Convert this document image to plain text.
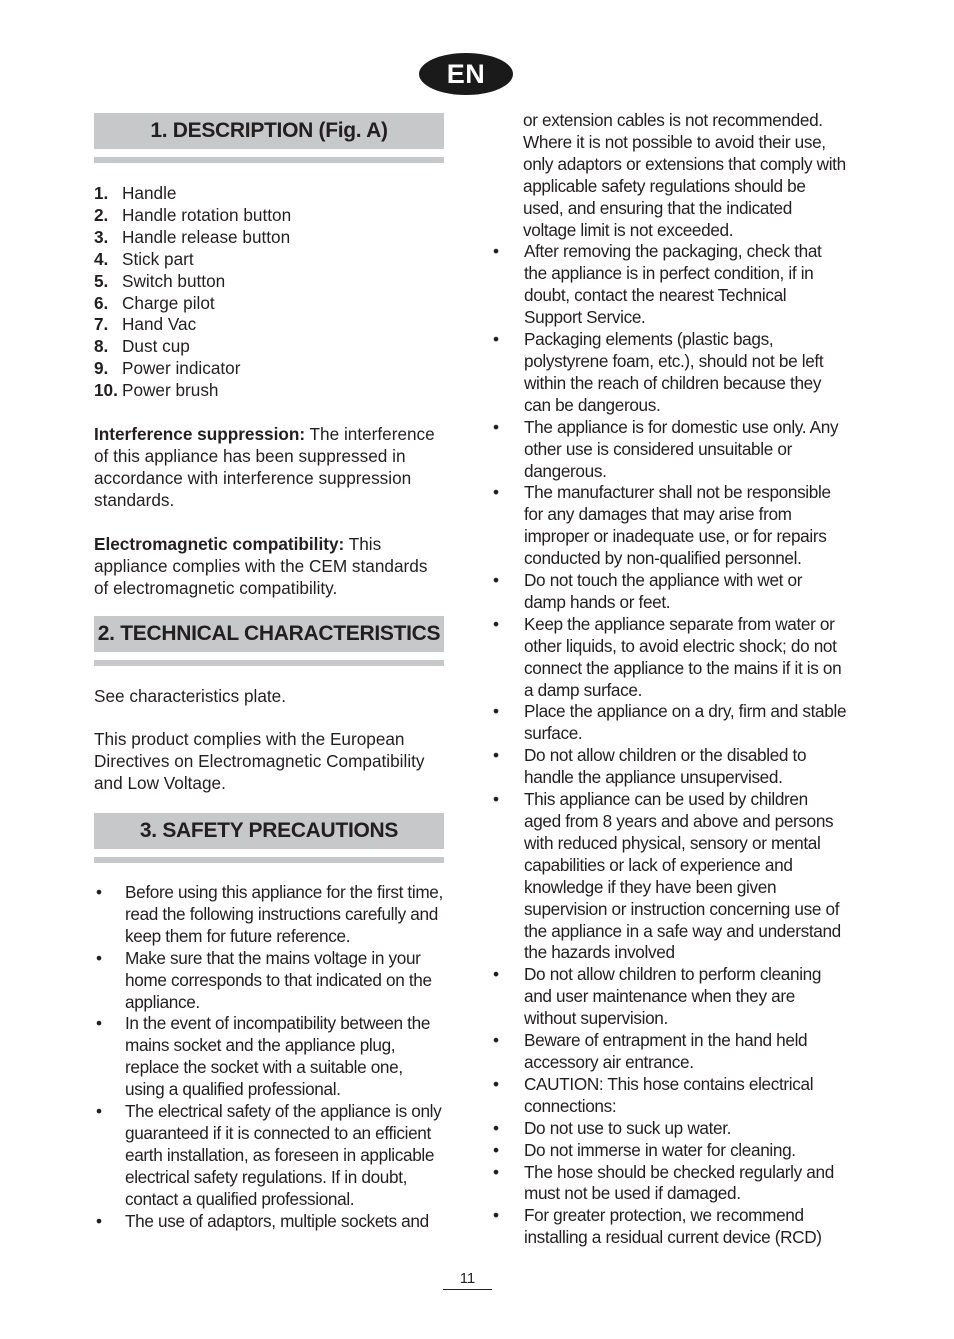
EN
1. DESCRIPTION (Fig. A)
1. Handle
2. Handle rotation button
3. Handle release button
4. Stick part
5. Switch button
6. Charge pilot
7. Hand Vac
8. Dust cup
9. Power indicator
10. Power brush

Interference suppression: The interference of this appliance has been suppressed in accordance with interference suppression standards.

Electromagnetic compatibility: This appliance complies with the CEM standards of electromagnetic compatibility.

2. TECHNICAL CHARACTERISTICS

See characteristics plate.

This product complies with the European Directives on Electromagnetic Compatibility and Low Voltage.

3. SAFETY PRECAUTIONS
•	Before using this appliance for the first time, read the following instructions carefully and keep them for future reference.
•	Make sure that the mains voltage in your home corresponds to that indicated on the appliance.
•	In the event of incompatibility between the mains socket and the appliance plug, replace the socket with a suitable one, using a qualified professional.
•	The electrical safety of the appliance is only guaranteed if it is connected to an efficient earth installation, as foreseen in applicable electrical safety regulations. If in doubt, contact a qualified professional.
•	The use of adaptors, multiple sockets and
or extension cables is not recommended. Where it is not possible to avoid their use, only adaptors or extensions that comply with applicable safety regulations should be used, and ensuring that the indicated voltage limit is not exceeded.
•	After removing the packaging, check that the appliance is in perfect condition, if in doubt, contact the nearest Technical Support Service.
•	Packaging elements (plastic bags, polystyrene foam, etc.), should not be left within the reach of children because they can be dangerous.
•	The appliance is for domestic use only. Any other use is considered unsuitable or dangerous.
•	The manufacturer shall not be responsible for any damages that may arise from improper or inadequate use, or for repairs conducted by non-qualified personnel.
•	Do not touch the appliance with wet or damp hands or feet.
•	Keep the appliance separate from water or other liquids, to avoid electric shock; do not connect the appliance to the mains if it is on a damp surface.
•	Place the appliance on a dry, firm and stable surface.
•	Do not allow children or the disabled to handle the appliance unsupervised.
•	This appliance can be used by children aged from 8 years and above and persons with reduced physical, sensory or mental capabilities or lack of experience and knowledge if they have been given supervision or instruction concerning use of the appliance in a safe way and understand the hazards involved
•	Do not allow children to perform cleaning and user maintenance when they are without supervision.
•	Beware of entrapment in the hand held accessory air entrance.
•	CAUTION: This hose contains electrical connections:
•	Do not use to suck up water.
•	Do not immerse in water for cleaning.
•	The hose should be checked regularly and must not be used if damaged.
•	For greater protection, we recommend installing a residual current device (RCD)
11
